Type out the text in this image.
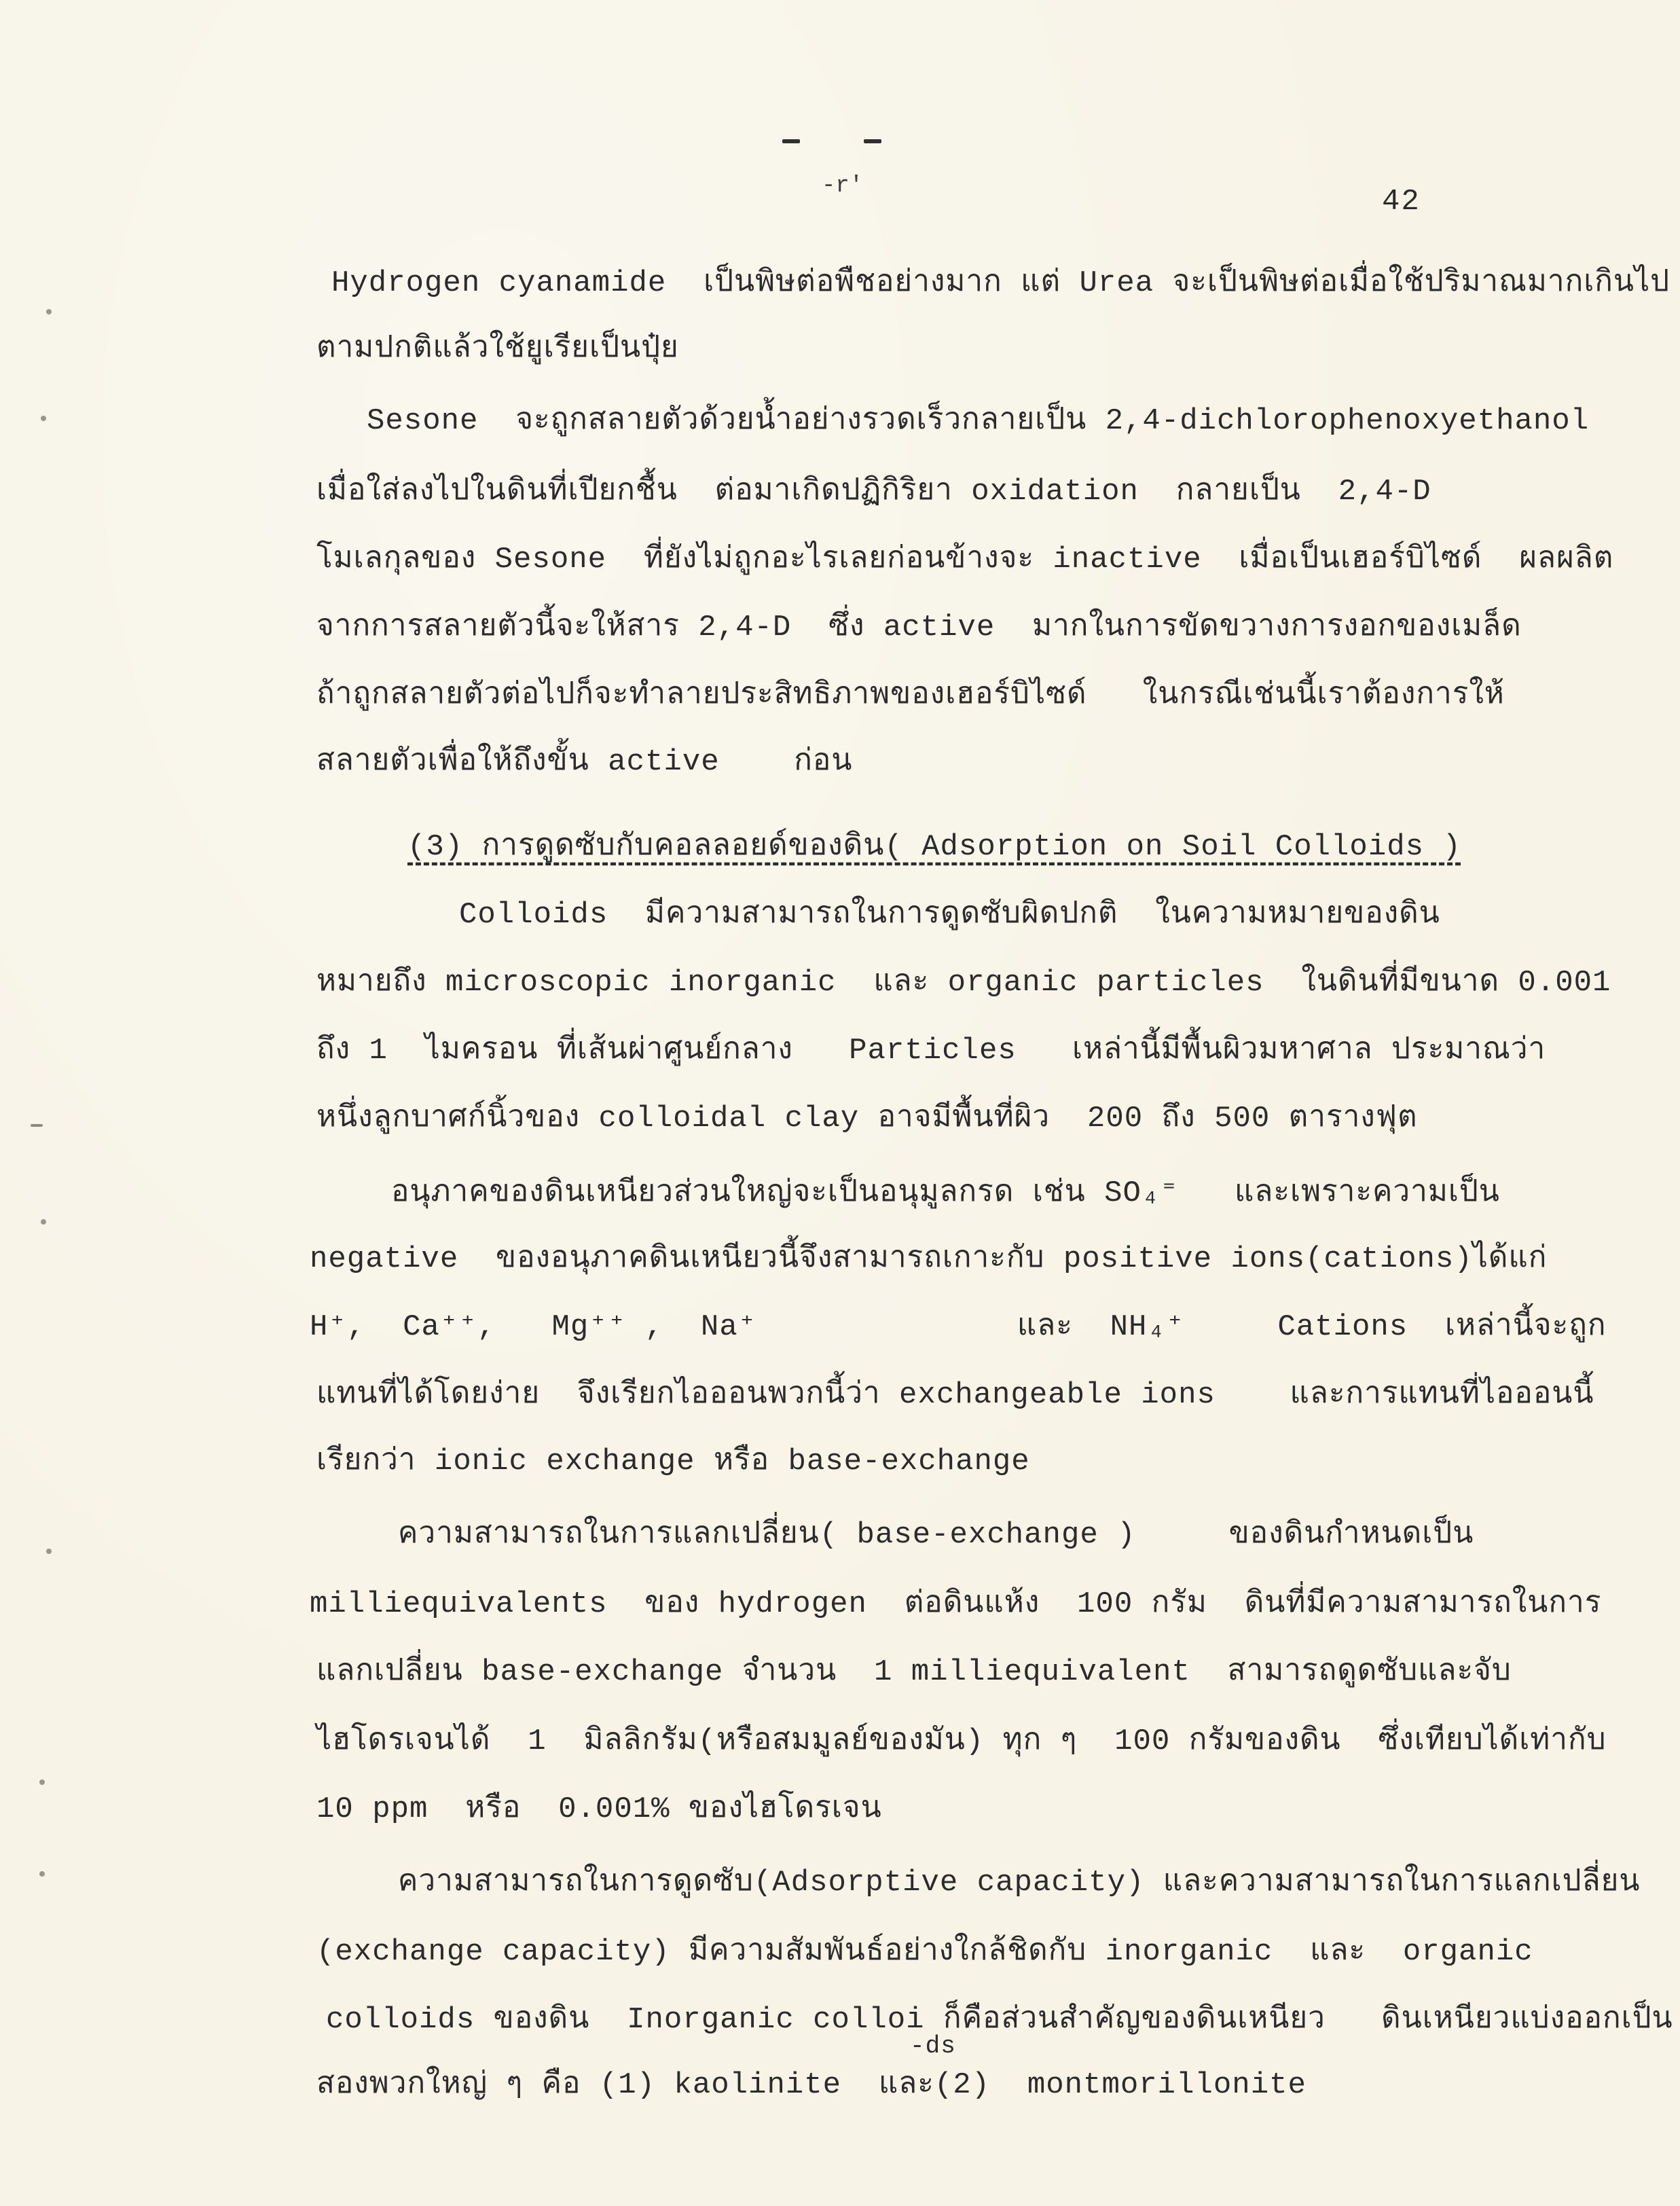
-r'	42
Hydrogen cyanamide  เป็นพิษต่อพืชอย่างมาก แต่ Urea จะเป็นพิษต่อเมื่อใช้ปริมาณมากเกินไป
ตามปกติแล้วใช้ยูเรียเป็นปุ๋ย
Sesone  จะถูกสลายตัวด้วยน้ำอย่างรวดเร็วกลายเป็น 2,4-dichlorophenoxyethanol
เมื่อใส่ลงไปในดินที่เปียกชื้น  ต่อมาเกิดปฏิกิริยา oxidation  กลายเป็น  2,4-D
โมเลกุลของ Sesone  ที่ยังไม่ถูกอะไรเลยก่อนข้างจะ inactive  เมื่อเป็นเฮอร์บิไซด์  ผลผลิต
จากการสลายตัวนี้จะให้สาร 2,4-D  ซึ่ง active  มากในการขัดขวางการงอกของเมล็ด
ถ้าถูกสลายตัวต่อไปก็จะทำลายประสิทธิภาพของเฮอร์บิไซด์   ในกรณีเช่นนี้เราต้องการให้
สลายตัวเพื่อให้ถึงขั้น active    ก่อน
(3) การดูดซับกับคอลลอยด์ของดิน( Adsorption on Soil Colloids )
Colloids  มีความสามารถในการดูดซับผิดปกติ  ในความหมายของดิน
หมายถึง microscopic inorganic  และ organic particles  ในดินที่มีขนาด 0.001
ถึง 1  ไมครอน ที่เส้นผ่าศูนย์กลาง   Particles   เหล่านี้มีพื้นผิวมหาศาล ประมาณว่า
หนึ่งลูกบาศก์นิ้วของ colloidal clay อาจมีพื้นที่ผิว  200 ถึง 500 ตารางฟุต
อนุภาคของดินเหนียวส่วนใหญ่จะเป็นอนุมูลกรด เช่น SO₄⁼   และเพราะความเป็น
negative  ของอนุภาคดินเหนียวนี้จึงสามารถเกาะกับ positive ions(cations)ได้แก่
H⁺,  Ca⁺⁺,   Mg⁺⁺ ,  Na⁺              และ  NH₄⁺     Cations  เหล่านี้จะถูก
แทนที่ได้โดยง่าย  จึงเรียกไอออนพวกนี้ว่า exchangeable ions    และการแทนที่ไอออนนี้
เรียกว่า ionic exchange หรือ base-exchange
ความสามารถในการแลกเปลี่ยน( base-exchange )     ของดินกำหนดเป็น
milliequivalents  ของ hydrogen  ต่อดินแห้ง  100 กรัม  ดินที่มีความสามารถในการ
แลกเปลี่ยน base-exchange จำนวน  1 milliequivalent  สามารถดูดซับและจับ
ไฮโดรเจนได้  1  มิลลิกรัม(หรือสมมูลย์ของมัน) ทุก ๆ  100 กรัมของดิน  ซึ่งเทียบได้เท่ากับ
10 ppm  หรือ  0.001% ของไฮโดรเจน
ความสามารถในการดูดซับ(Adsorptive capacity) และความสามารถในการแลกเปลี่ยน
(exchange capacity) มีความสัมพันธ์อย่างใกล้ชิดกับ inorganic  และ  organic
colloids ของดิน  Inorganic colloi ก็คือส่วนสำคัญของดินเหนียว   ดินเหนียวแบ่งออกเป็น
-ds
สองพวกใหญ่ ๆ คือ (1) kaolinite  และ(2)  montmorillonite
